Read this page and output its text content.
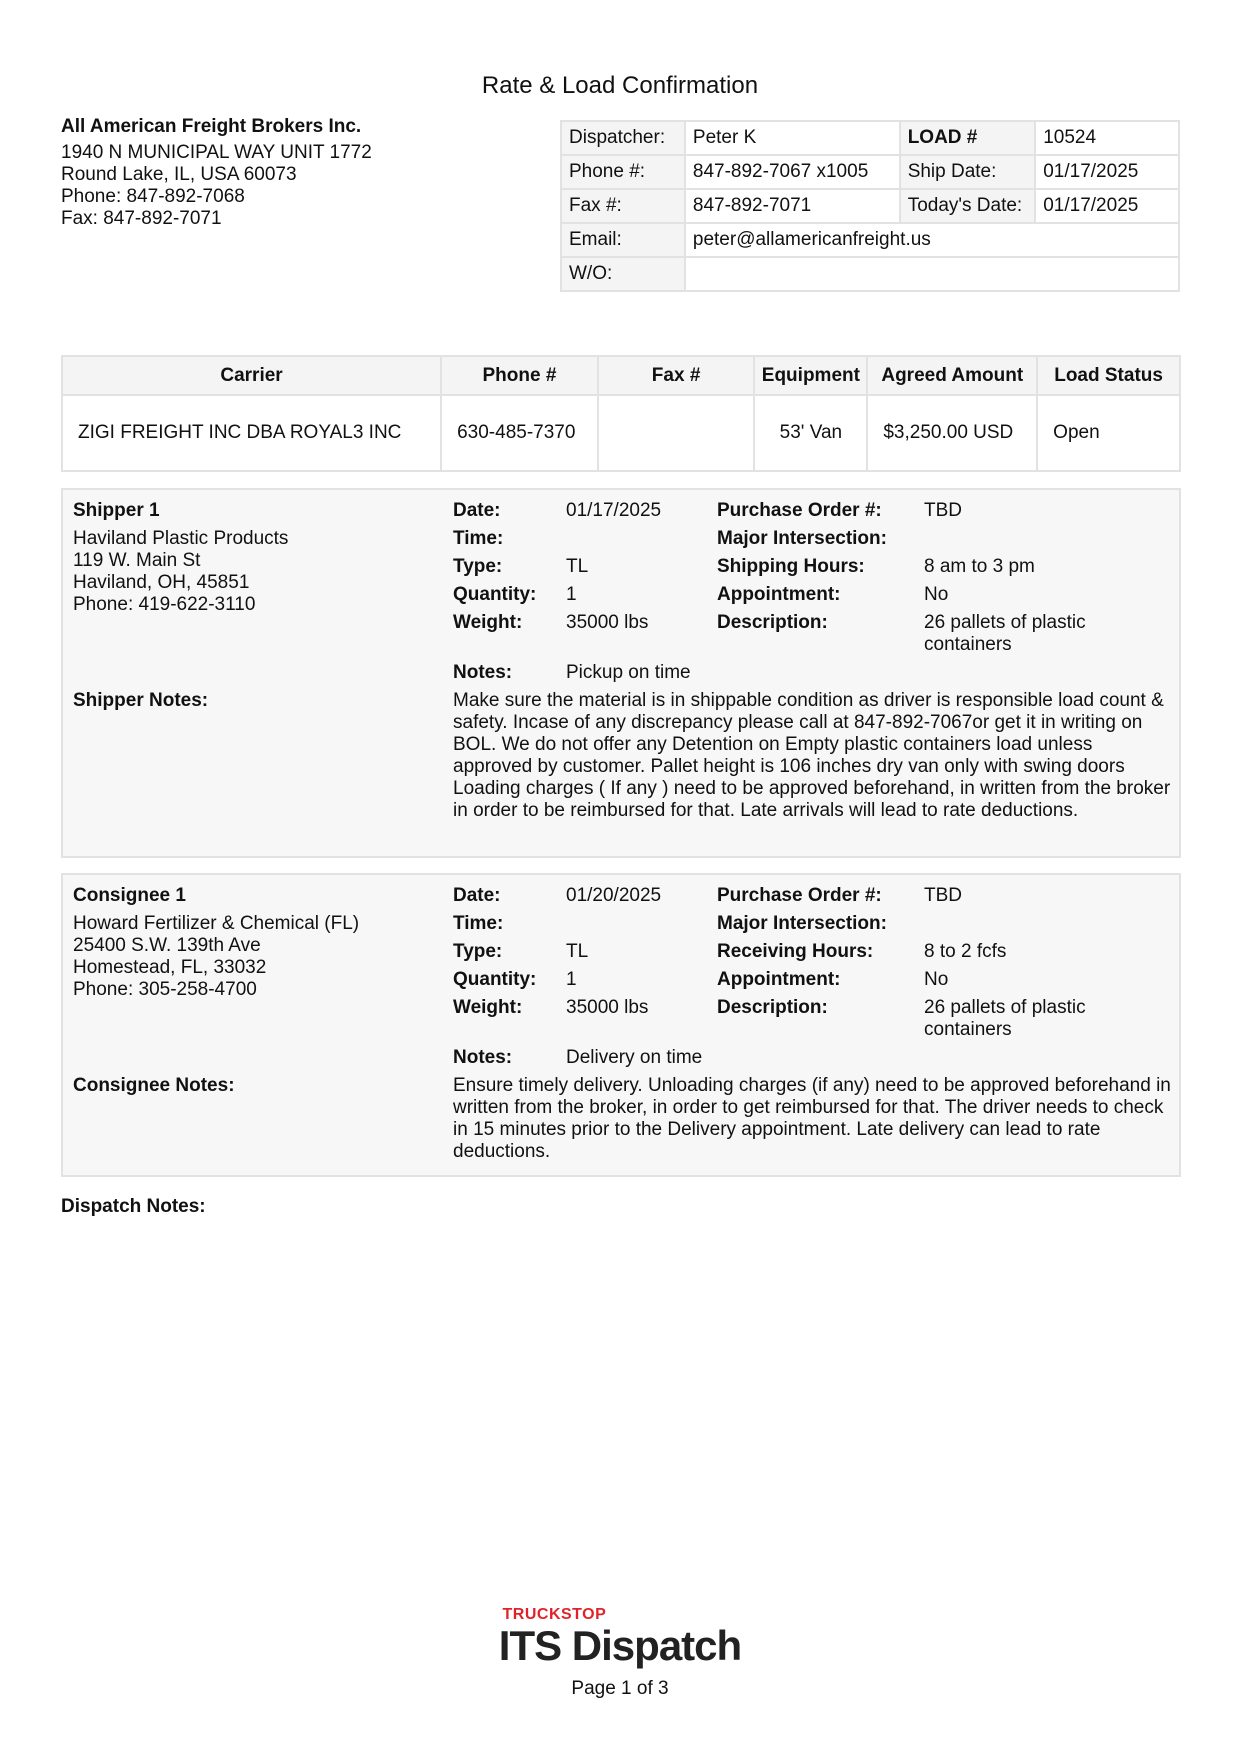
Rate & Load Confirmation
All American Freight Brokers Inc.
1940 N MUNICIPAL WAY UNIT 1772
Round Lake, IL, USA 60073
Phone: 847-892-7068
Fax: 847-892-7071
Dispatcher:	Peter K	LOAD #	10524
Phone #:	847-892-7067 x1005	Ship Date:	01/17/2025
Fax #:	847-892-7071	Today's Date:	01/17/2025
Email:	peter@allamericanfreight.us		
W/O:			
Carrier	Phone #	Fax #	Equipment	Agreed Amount	Load Status
ZIGI FREIGHT INC DBA ROYAL3 INC	630-485-7370		53' Van	$3,250.00 USD	Open
Shipper 1
Haviland Plastic Products
119 W. Main St
Haviland, OH, 45851
Phone: 419-622-3110
Date:	01/17/2025
Time:
Type:	TL
Quantity: 1
Weight: 35000 lbs
Purchase Order #: TBD
Major Intersection:
Shipping Hours:	8 am to 3 pm
Appointment:	No
Description:	26 pallets of plastic containers
Notes:	Pickup on time
Shipper Notes:	Make sure the material is in shippable condition as driver is responsible load count & safety. Incase of any discrepancy please call at 847-892-7067or get it in writing on BOL. We do not offer any Detention on Empty plastic containers load unless approved by customer. Pallet height is 106 inches dry van only with swing doors Loading charges ( If any ) need to be approved beforehand, in written from the broker in order to be reimbursed for that. Late arrivals will lead to rate deductions.
Consignee 1
Howard Fertilizer & Chemical (FL)
25400 S.W. 139th Ave
Homestead, FL, 33032
Phone: 305-258-4700
Date:	01/20/2025
Time:
Type:	TL
Quantity: 1
Weight: 35000 lbs
Purchase Order #: TBD
Major Intersection:
Receiving Hours:	8 to 2 fcfs
Appointment:	No
Description:	26 pallets of plastic containers
Notes:	Delivery on time
Consignee Notes:	Ensure timely delivery. Unloading charges (if any) need to be approved beforehand in written from the broker, in order to get reimbursed for that. The driver needs to check in 15 minutes prior to the Delivery appointment. Late delivery can lead to rate deductions.
Dispatch Notes:
TRUCKSTOP
ITS Dispatch
Page 1 of 3
